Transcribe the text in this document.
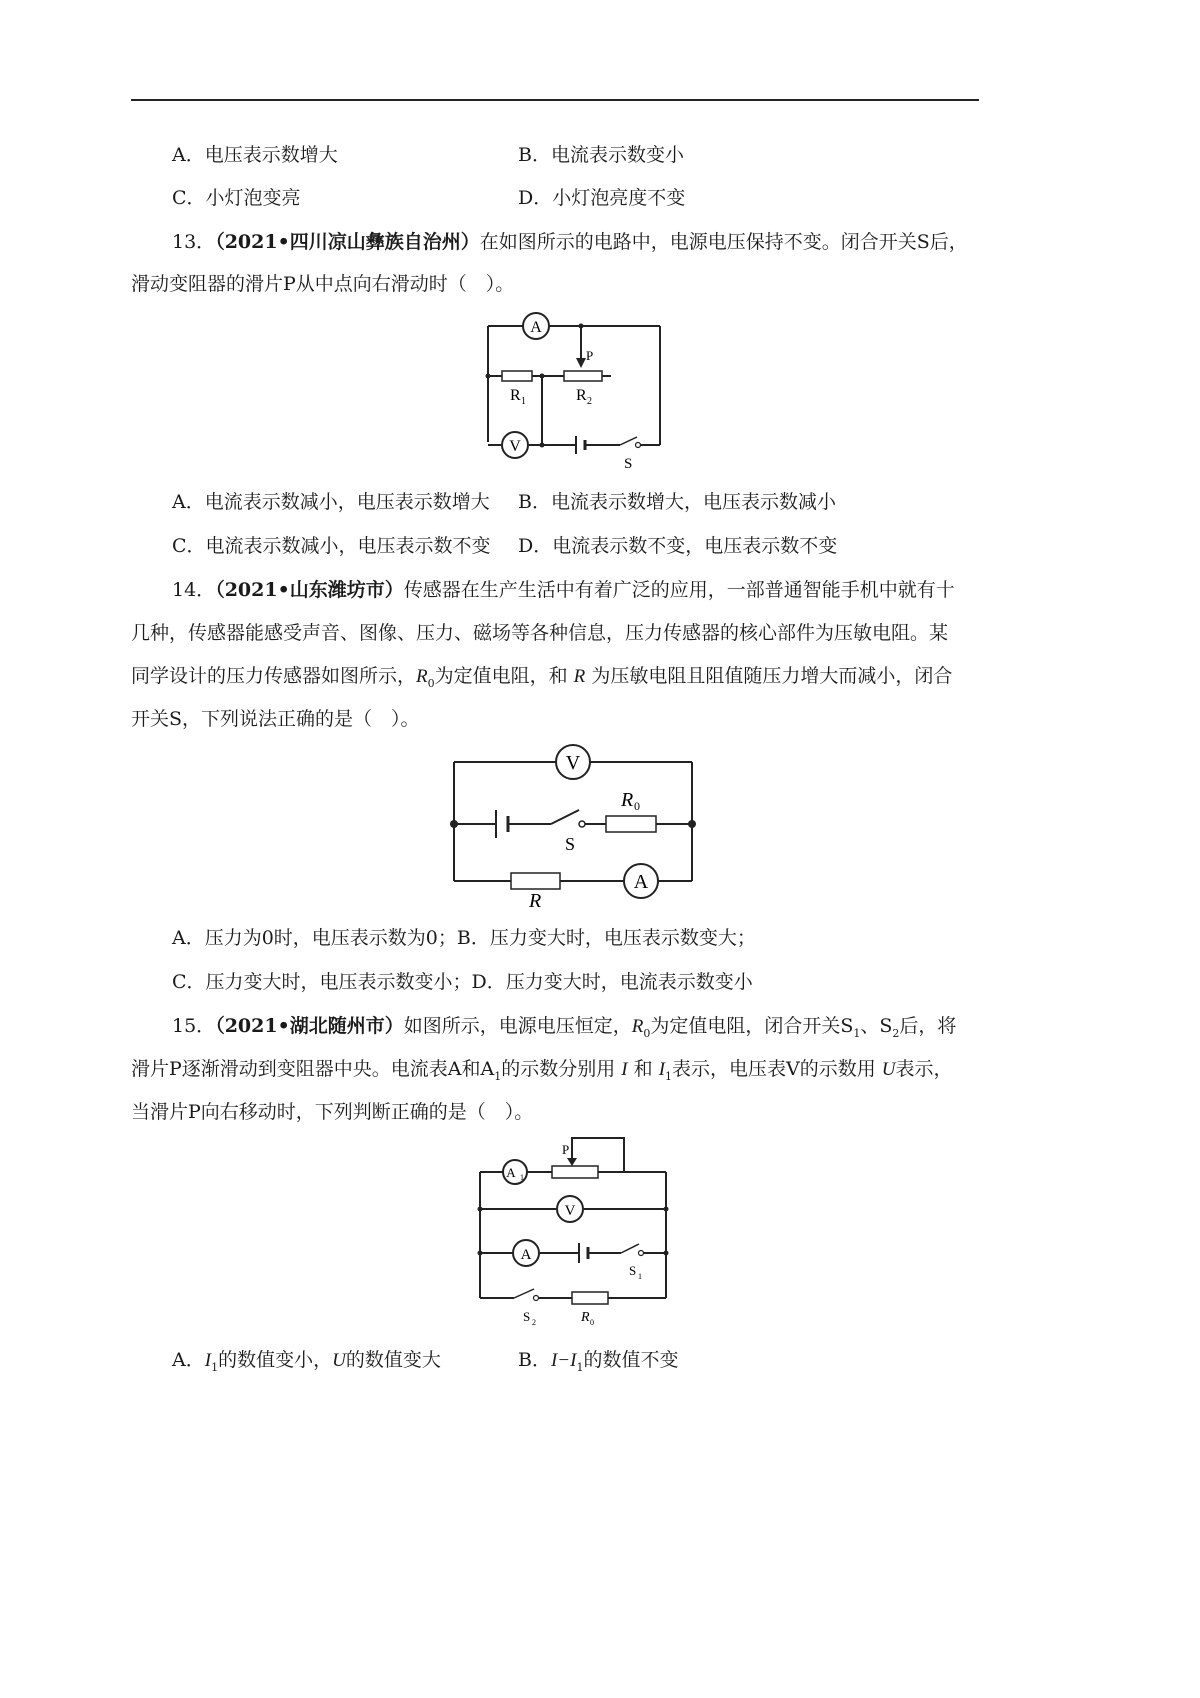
A．电压表示数增大	B．电流表示数变小
C．小灯泡变亮	D．小灯泡亮度不变
13．（2021•四川凉山彝族自治州）在如图所示的电路中，电源电压保持不变。闭合开关S后，
滑动变阻器的滑片P从中点向右滑动时（　）。
A
V
R 1
P
R 2
S
A．电流表示数减小，电压表示数增大 B．电流表示数增大，电压表示数减小
C．电流表示数减小，电压表示数不变 D．电流表示数不变，电压表示数不变
14．（2021•山东潍坊市）传感器在生产生活中有着广泛的应用，一部普通智能手机中就有十
几种，传感器能感受声音、图像、压力、磁场等各种信息，压力传感器的核心部件为压敏电阻。某
同学设计的压力传感器如图所示，$R_0$为定值电阻，和 R 为压敏电阻且阻值随压力增大而减小，闭合
开关S，下列说法正确的是（　）。
V
S
R 0
R
A
A．压力为0时，电压表示数为0；B．压力变大时，电压表示数变大；
C．压力变大时，电压表示数变小；D．压力变大时，电流表示数变小
15．（2021•湖北随州市）如图所示，电源电压恒定，$R_0$为定值电阻，闭合开关$S_1$、$S_2$后，将
滑片P逐渐滑动到变阻器中央。电流表A和$A_1$的示数分别用 I 和 $I_1$表示，电压表V的示数用 U表示，
当滑片P向右移动时，下列判断正确的是（　）。
A 1
P
V
A
S 1
S 2	R 0
A．$I_1$的数值变小，U的数值变大	B．$I-I_1$的数值不变
